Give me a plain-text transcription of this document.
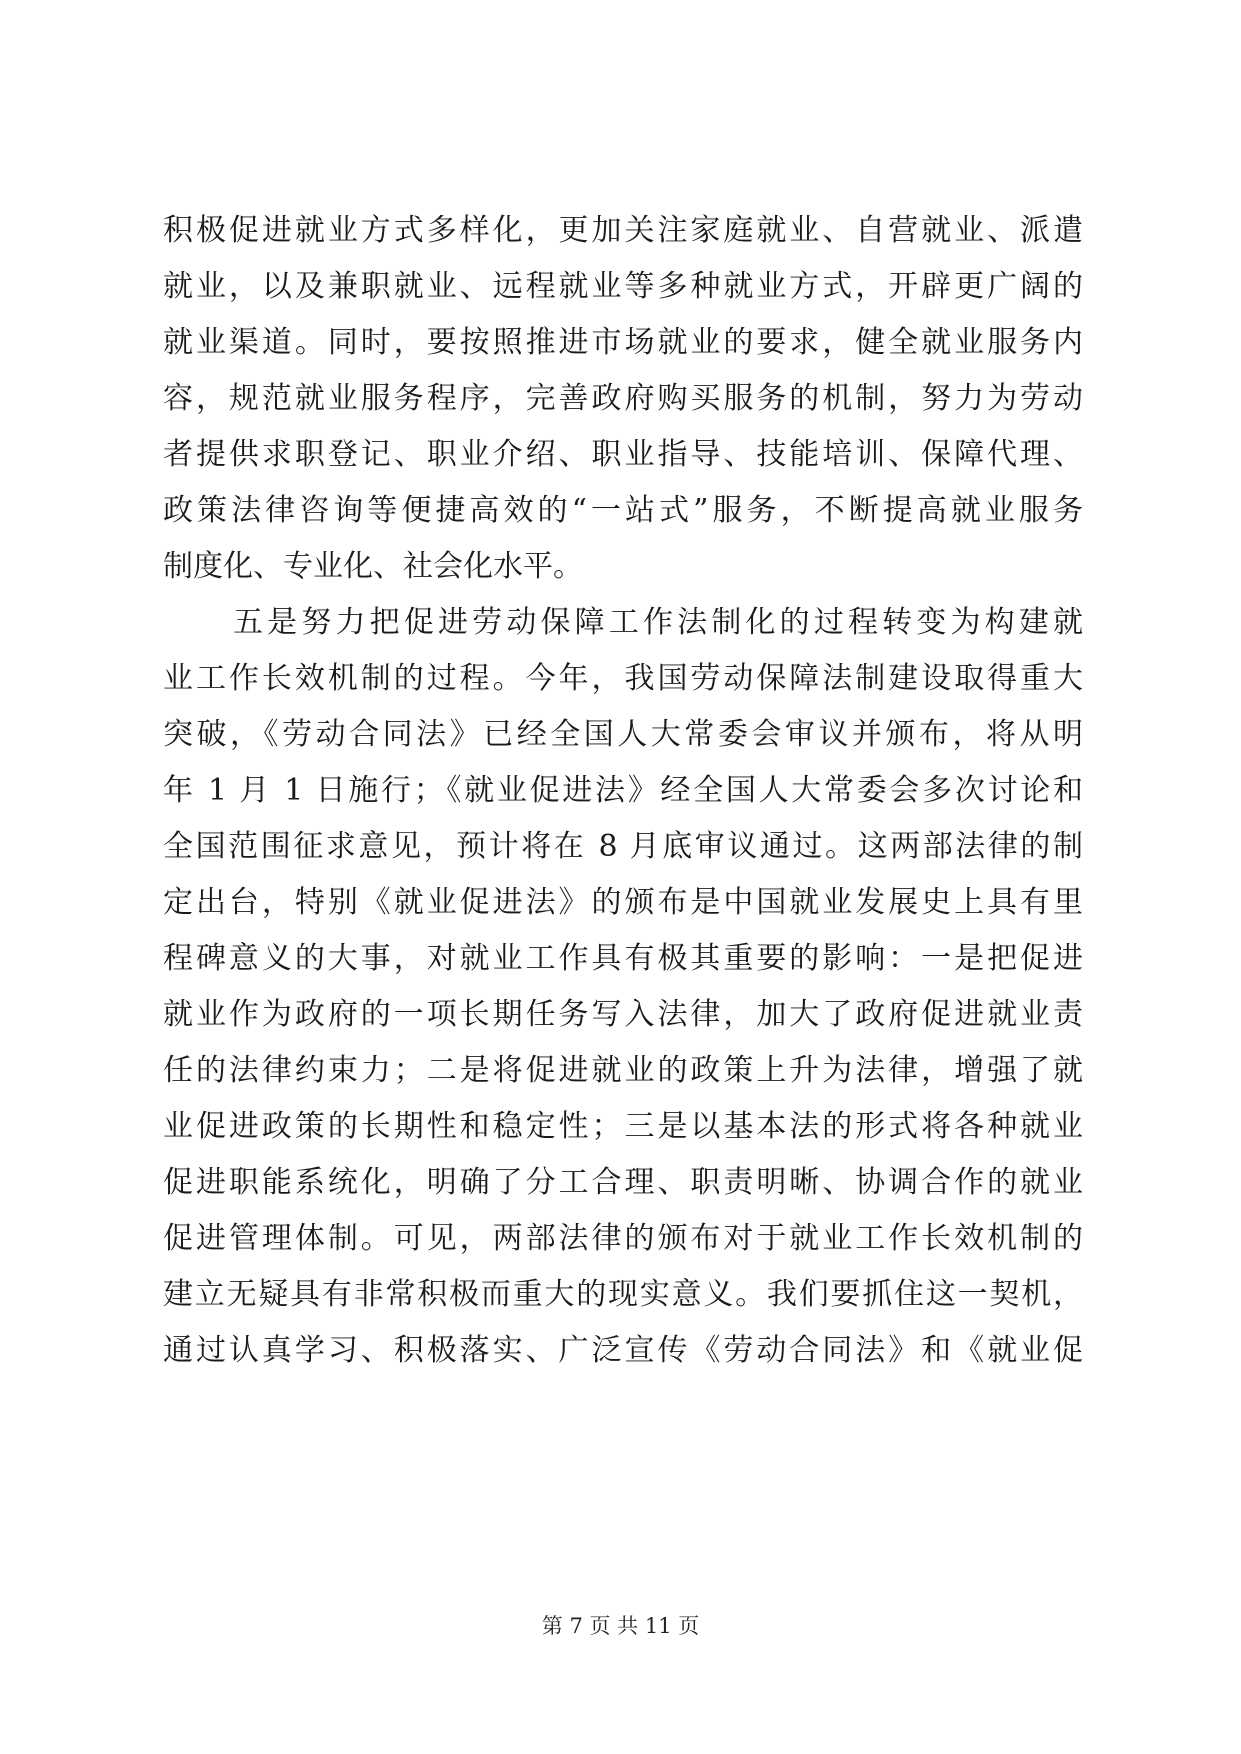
积极促进就业方式多样化，更加关注家庭就业、自营就业、派遣
就业，以及兼职就业、远程就业等多种就业方式，开辟更广阔的
就业渠道。同时，要按照推进市场就业的要求，健全就业服务内
容，规范就业服务程序，完善政府购买服务的机制，努力为劳动
者提供求职登记、职业介绍、职业指导、技能培训、保障代理、
政策法律咨询等便捷高效的“一站式”服务，不断提高就业服务
制度化、专业化、社会化水平。
五是努力把促进劳动保障工作法制化的过程转变为构建就
业工作长效机制的过程。今年，我国劳动保障法制建设取得重大
突破，《劳动合同法》已经全国人大常委会审议并颁布，将从明
年 1 月 1 日施行；《就业促进法》经全国人大常委会多次讨论和
全国范围征求意见，预计将在 8 月底审议通过。这两部法律的制
定出台，特别《就业促进法》的颁布是中国就业发展史上具有里
程碑意义的大事，对就业工作具有极其重要的影响：一是把促进
就业作为政府的一项长期任务写入法律，加大了政府促进就业责
任的法律约束力；二是将促进就业的政策上升为法律，增强了就
业促进政策的长期性和稳定性；三是以基本法的形式将各种就业
促进职能系统化，明确了分工合理、职责明晰、协调合作的就业
促进管理体制。可见，两部法律的颁布对于就业工作长效机制的
建立无疑具有非常积极而重大的现实意义。我们要抓住这一契机，
通过认真学习、积极落实、广泛宣传《劳动合同法》和《就业促
第 7 页 共 11 页
